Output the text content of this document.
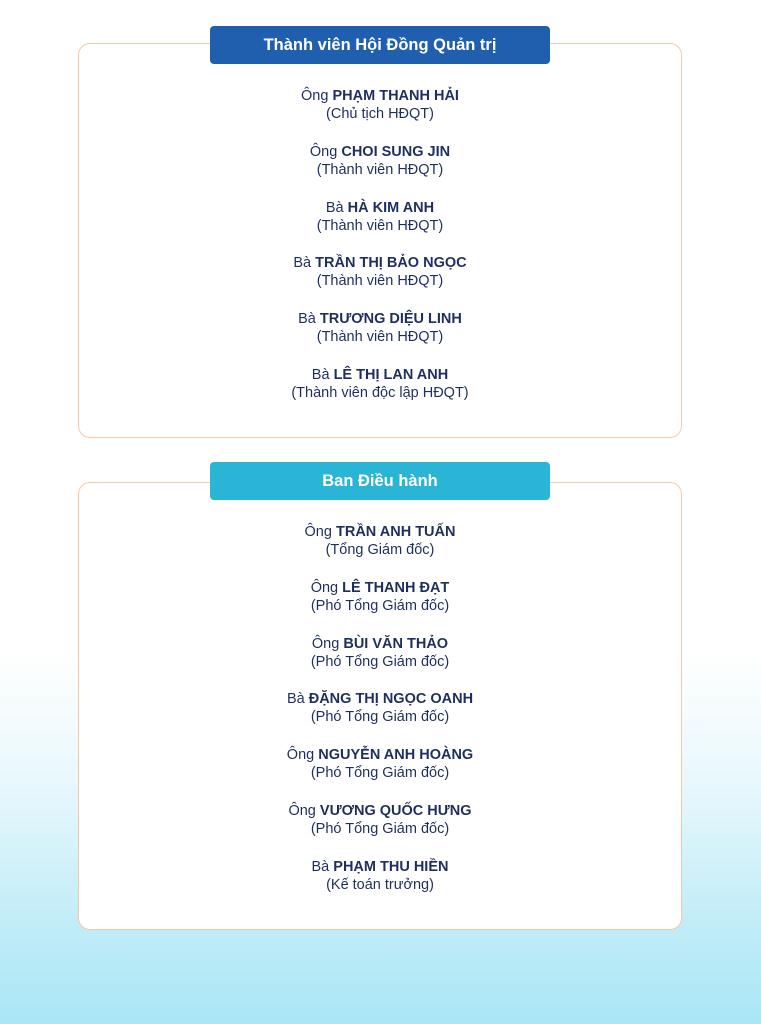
Thành viên Hội Đồng Quản trị
Ông PHẠM THANH HẢI
(Chủ tịch HĐQT)
Ông CHOI SUNG JIN
(Thành viên HĐQT)
Bà HÀ KIM ANH
(Thành viên HĐQT)
Bà TRẦN THỊ BẢO NGỌC
(Thành viên HĐQT)
Bà TRƯƠNG DIỆU LINH
(Thành viên HĐQT)
Bà LÊ THỊ LAN ANH
(Thành viên độc lập HĐQT)
Ban Điều hành
Ông TRẦN ANH TUẤN
(Tổng Giám đốc)
Ông LÊ THANH ĐẠT
(Phó Tổng Giám đốc)
Ông BÙI VĂN THẢO
(Phó Tổng Giám đốc)
Bà ĐẶNG THỊ NGỌC OANH
(Phó Tổng Giám đốc)
Ông NGUYỄN ANH HOÀNG
(Phó Tổng Giám đốc)
Ông VƯƠNG QUỐC HƯNG
(Phó Tổng Giám đốc)
Bà PHẠM THU HIỀN
(Kế toán trưởng)
